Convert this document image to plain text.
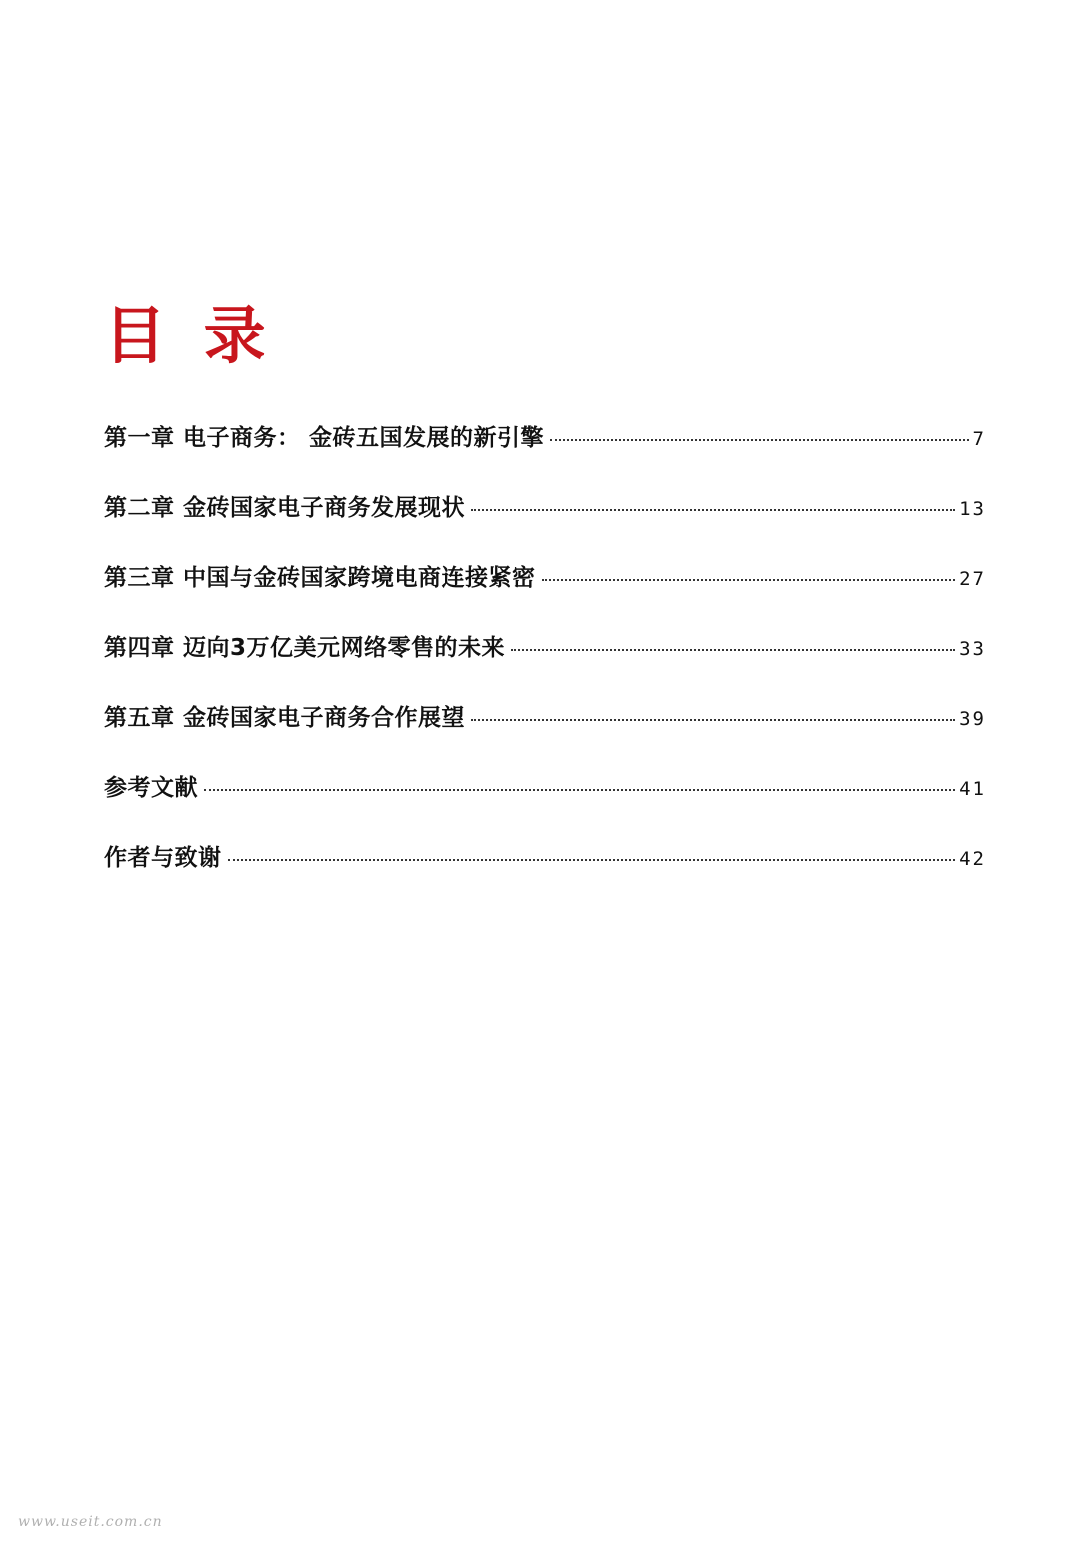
目 录
第一章 电子商务： 金砖五国发展的新引擎	7
第二章 金砖国家电子商务发展现状	13
第三章 中国与金砖国家跨境电商连接紧密	27
第四章 迈向3万亿美元网络零售的未来	33
第五章 金砖国家电子商务合作展望	39
参考文献	41
作者与致谢	42
www.useit.com.cn
